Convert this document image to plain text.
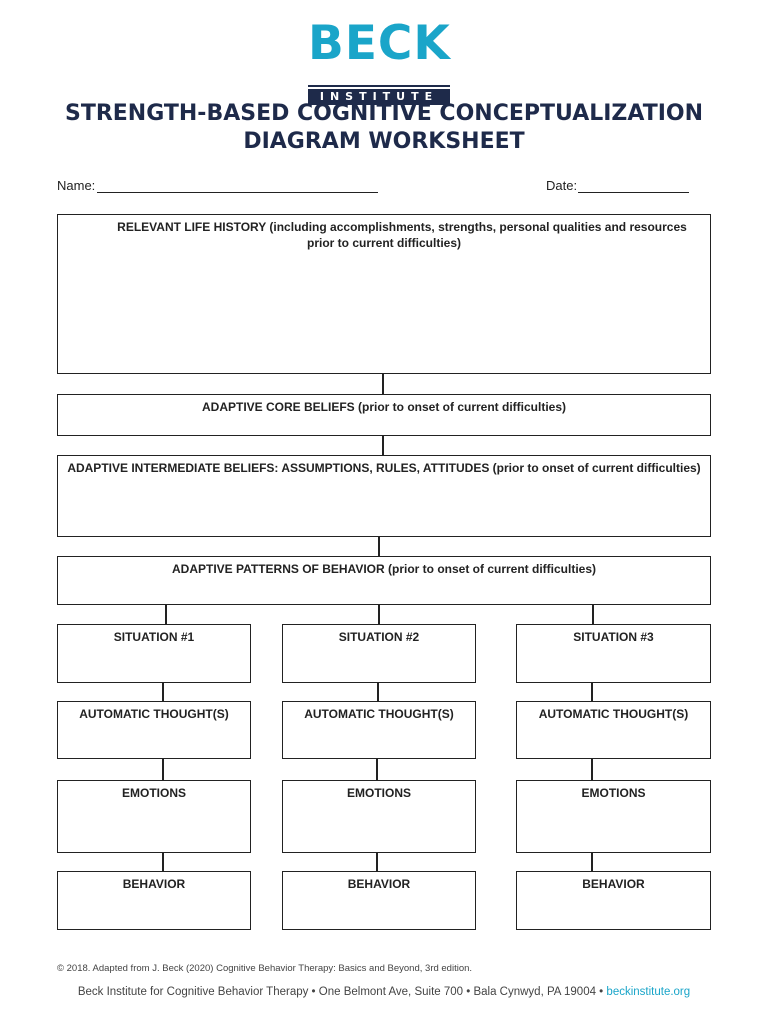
BECK
INSTITUTE
STRENGTH-BASED COGNITIVE CONCEPTUALIZATION
DIAGRAM WORKSHEET
Name:	Date:
RELEVANT LIFE HISTORY (including accomplishments, strengths, personal qualities and resources
prior to current difficulties)
ADAPTIVE CORE BELIEFS (prior to onset of current difficulties)
ADAPTIVE INTERMEDIATE BELIEFS: ASSUMPTIONS, RULES, ATTITUDES (prior to onset of current difficulties)
ADAPTIVE PATTERNS OF BEHAVIOR (prior to onset of current difficulties)
SITUATION #1
AUTOMATIC THOUGHT(S)
EMOTIONS
BEHAVIOR
SITUATION #2
AUTOMATIC THOUGHT(S)
EMOTIONS
BEHAVIOR
SITUATION #3
AUTOMATIC THOUGHT(S)
EMOTIONS
BEHAVIOR
© 2018. Adapted from J. Beck (2020) Cognitive Behavior Therapy: Basics and Beyond, 3rd edition.
Beck Institute for Cognitive Behavior Therapy • One Belmont Ave, Suite 700 • Bala Cynwyd, PA 19004 • beckinstitute.org
